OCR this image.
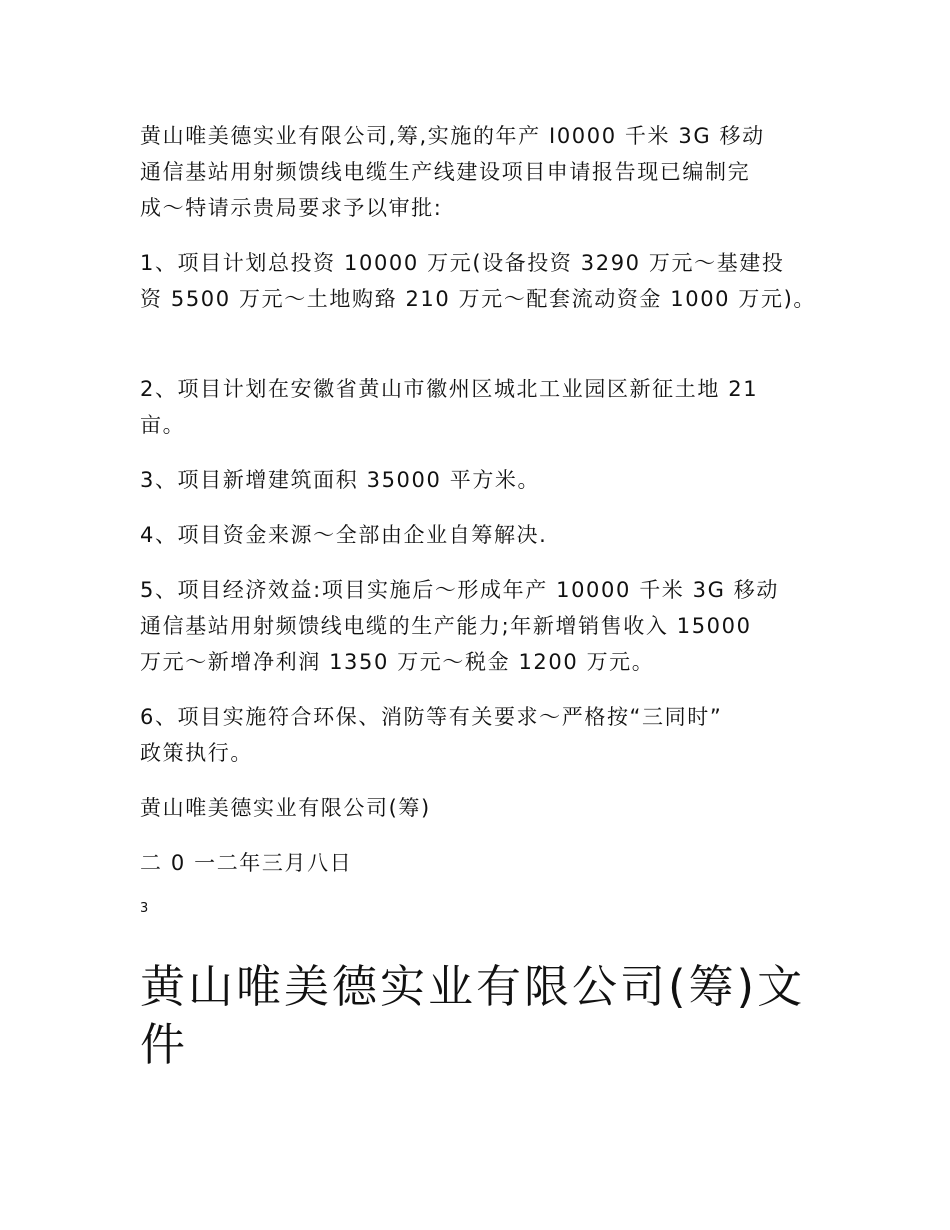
黄山唯美德实业有限公司,筹,实施的年产 I0000 千米 3G 移动
通信基站用射频馈线电缆生产线建设项目申请报告现已编制完
成～特请示贵局要求予以审批:

1、项目计划总投资 10000 万元(设备投资 3290 万元～基建投
资 5500 万元～土地购臵 210 万元～配套流动资金 1000 万元)。

2、项目计划在安徽省黄山市徽州区城北工业园区新征土地 21
亩。

3、项目新增建筑面积 35000 平方米。

4、项目资金来源～全部由企业自筹解决.

5、项目经济效益:项目实施后～形成年产 10000 千米 3G 移动
通信基站用射频馈线电缆的生产能力;年新增销售收入 15000
万元～新增净利润 1350 万元～税金 1200 万元。

6、项目实施符合环保、消防等有关要求～严格按“三同时”
政策执行。

黄山唯美德实业有限公司(筹)

二 0 一二年三月八日

3

黄山唯美德实业有限公司(筹)文
件
